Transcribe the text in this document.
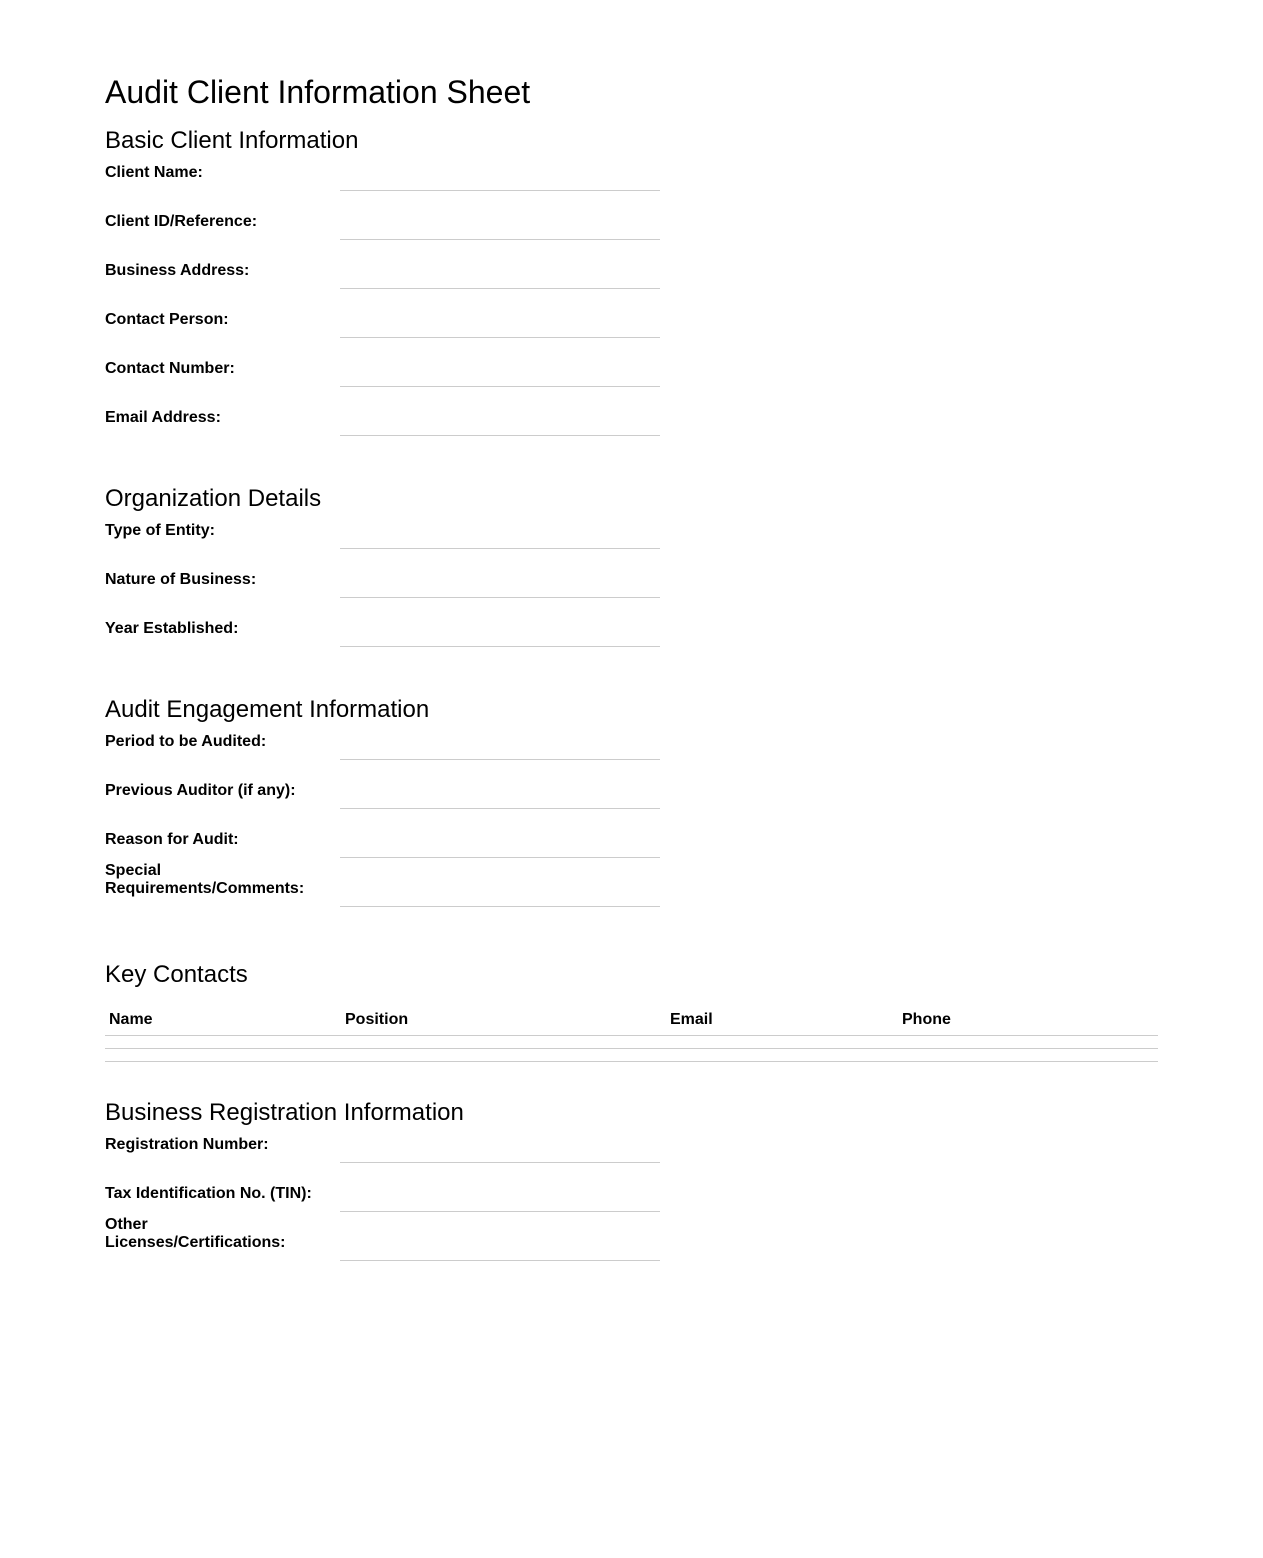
Audit Client Information Sheet
Basic Client Information
Client Name:
Client ID/Reference:
Business Address:
Contact Person:
Contact Number:
Email Address:
Organization Details
Type of Entity:
Nature of Business:
Year Established:
Audit Engagement Information
Period to be Audited:
Previous Auditor (if any):
Reason for Audit:
Special Requirements/Comments:
Key Contacts
Name	Position	Email	Phone

Business Registration Information
Registration Number:
Tax Identification No. (TIN):
Other Licenses/Certifications:
